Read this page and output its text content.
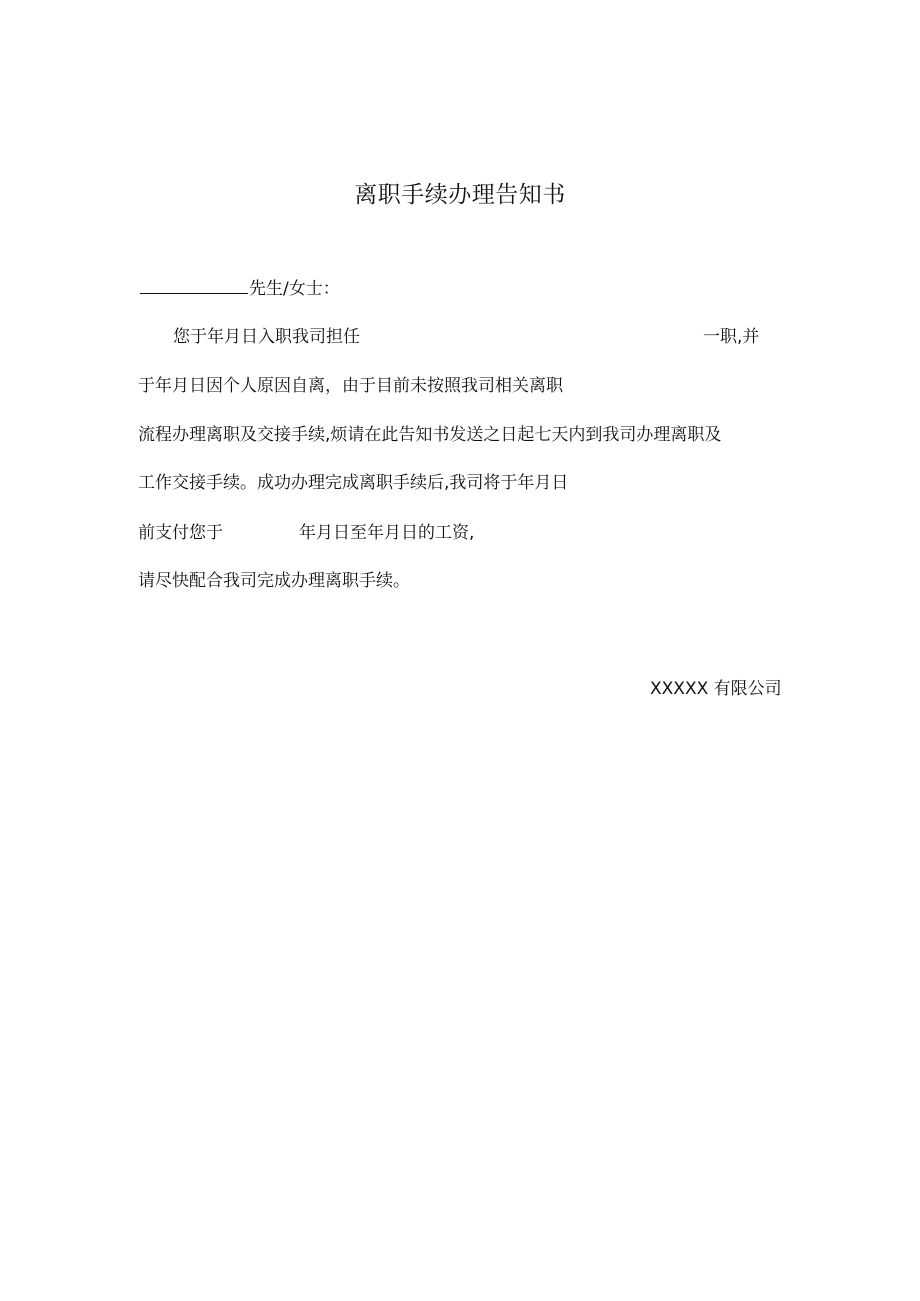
离职手续办理告知书
先生/女士：
您于年月日入职我司担任	一职,并
于年月日因个人原因自离，由于目前未按照我司相关离职
流程办理离职及交接手续,烦请在此告知书发送之日起七天内到我司办理离职及
工作交接手续。成功办理完成离职手续后,我司将于年月日
前支付您于	年月日至年月日的工资,
请尽快配合我司完成办理离职手续。
XXXXX 有限公司
